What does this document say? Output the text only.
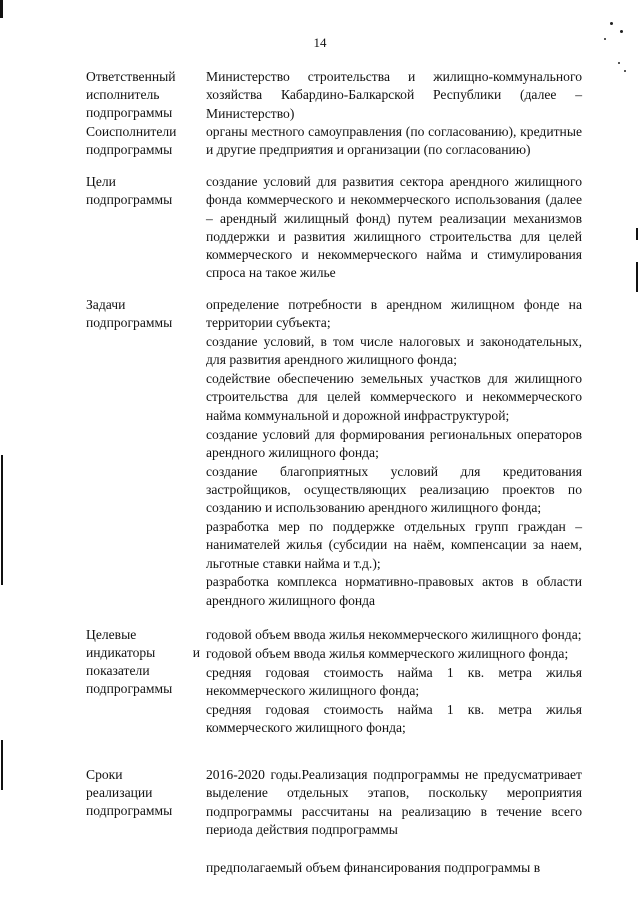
14
Ответственный
исполнитель
подпрограммы

Министерство строительства и жилищно-коммунального хозяйства Кабардино-Балкарской Республики (далее – Министерство)

Соисполнители
подпрограммы

органы местного самоуправления (по согласованию), кредитные и другие предприятия и организации (по согласованию)

Цели
подпрограммы

создание условий для развития сектора арендного жилищного фонда коммерческого и некоммерческого использования (далее – арендный жилищный фонд) путем реализации механизмов поддержки и развития жилищного строительства для целей коммерческого и некоммерческого найма и стимулирования спроса на такое жилье

Задачи
подпрограммы

определение потребности в арендном жилищном фонде на территории субъекта;

создание условий, в том числе налоговых и законодательных, для развития арендного жилищного фонда;

содействие обеспечению земельных участков для жилищного строительства для целей коммерческого и некоммерческого найма коммунальной и дорожной инфраструктурой;

создание условий для формирования региональных операторов арендного жилищного фонда;

создание благоприятных условий для кредитования застройщиков, осуществляющих реализацию проектов по созданию и использованию арендного жилищного фонда;

разработка мер по поддержке отдельных групп граждан – нанимателей жилья (субсидии на наём, компенсации за наем, льготные ставки найма и т.д.);

разработка комплекса нормативно-правовых актов в области арендного жилищного фонда

Целевые
индикаторы и
показатели
подпрограммы

годовой объем ввода жилья некоммерческого жилищного фонда;

годовой объем ввода жилья коммерческого жилищного фонда;

средняя годовая стоимость найма 1 кв. метра жилья некоммерческого жилищного фонда;

средняя годовая стоимость найма 1 кв. метра жилья коммерческого жилищного фонда;

Сроки
реализации
подпрограммы

2016-2020 годы.Реализация подпрограммы не предусматривает выделение отдельных этапов, поскольку мероприятия подпрограммы рассчитаны на реализацию в течение всего периода действия подпрограммы

предполагаемый объем финансирования подпрограммы в
